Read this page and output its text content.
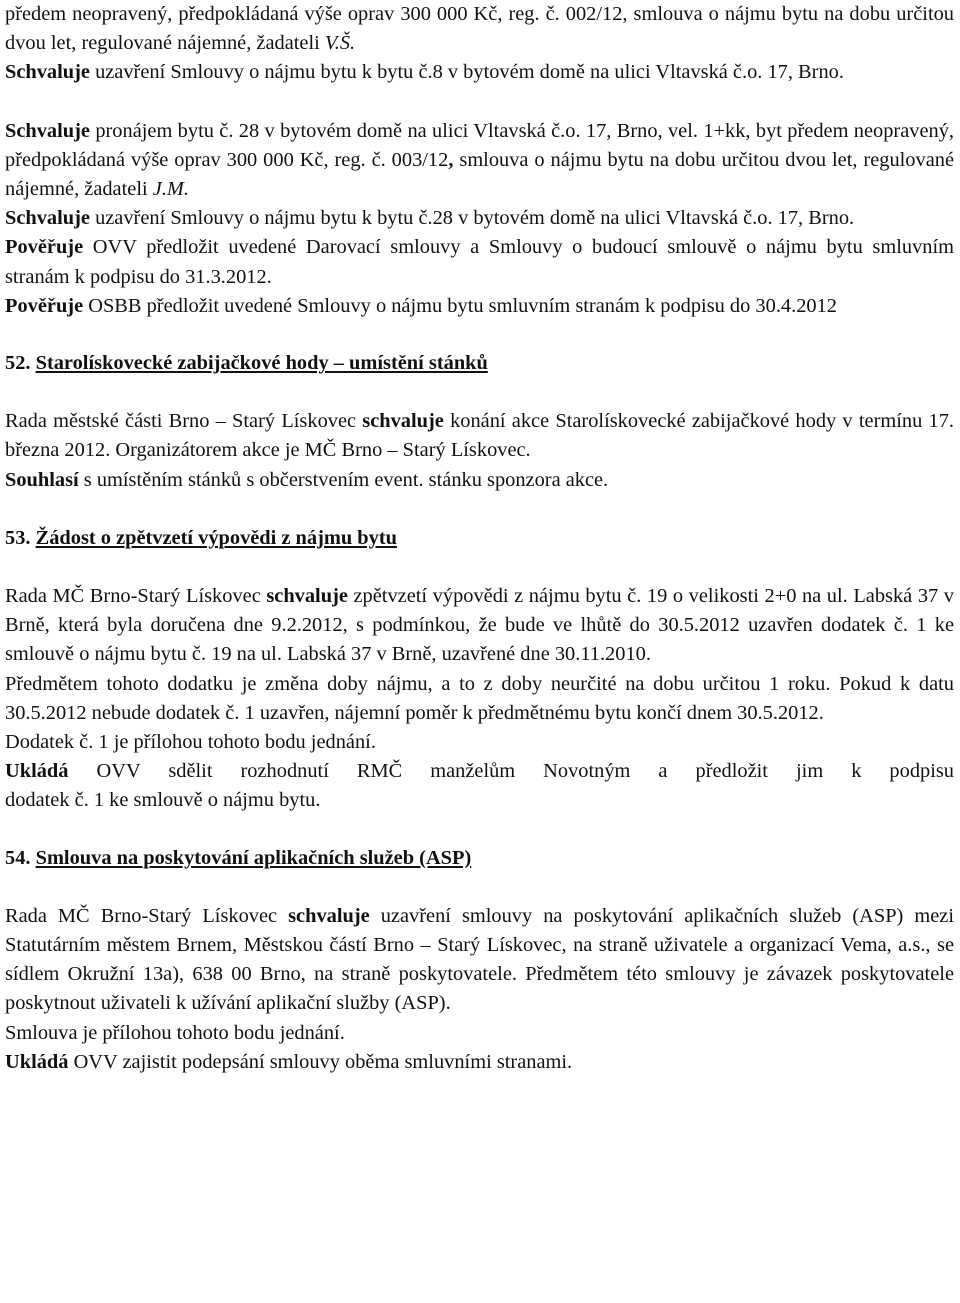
předem neopravený, předpokládaná výše oprav 300 000 Kč, reg. č. 002/12, smlouva o nájmu bytu na dobu určitou dvou let, regulované nájemné, žadateli V.Š.

Schvaluje uzavření Smlouvy o nájmu bytu k bytu č.8 v bytovém domě na ulici Vltavská č.o. 17, Brno.

Schvaluje pronájem bytu č. 28 v bytovém domě na ulici Vltavská č.o. 17, Brno, vel. 1+kk, byt předem neopravený, předpokládaná výše oprav 300 000 Kč, reg. č. 003/12, smlouva o nájmu bytu na dobu určitou dvou let, regulované nájemné, žadateli J.M.

Schvaluje uzavření Smlouvy o nájmu bytu k bytu č.28 v bytovém domě na ulici Vltavská č.o. 17, Brno.

Pověřuje OVV předložit uvedené Darovací smlouvy a Smlouvy o budoucí smlouvě o nájmu bytu smluvním stranám k podpisu do 31.3.2012.

Pověřuje OSBB předložit uvedené Smlouvy o nájmu bytu smluvním stranám k podpisu do 30.4.2012

52. Starolískovecké zabijačkové hody – umístění stánků

Rada městské části Brno – Starý Lískovec schvaluje konání akce Starolískovecké zabijačkové hody v termínu 17. března 2012. Organizátorem akce je MČ Brno – Starý Lískovec.

Souhlasí s umístěním stánků s občerstvením event. stánku sponzora akce.

53. Žádost o zpětvzetí výpovědi z nájmu bytu

Rada MČ Brno-Starý Lískovec schvaluje zpětvzetí výpovědi z nájmu bytu č. 19 o velikosti 2+0 na ul. Labská 37 v Brně, která byla doručena dne 9.2.2012, s podmínkou, že bude ve lhůtě do 30.5.2012 uzavřen dodatek č. 1 ke smlouvě o nájmu bytu č. 19 na ul. Labská 37 v Brně, uzavřené dne 30.11.2010.

Předmětem tohoto dodatku je změna doby nájmu, a to z doby neurčité na dobu určitou 1 roku. Pokud k datu 30.5.2012 nebude dodatek č. 1 uzavřen, nájemní poměr k předmětnému bytu končí dnem 30.5.2012.

Dodatek č. 1 je přílohou tohoto bodu jednání.

Ukládá OVV sdělit rozhodnutí RMČ manželům Novotným a předložit jim k podpisu

dodatek č. 1 ke smlouvě o nájmu bytu.

54. Smlouva na poskytování aplikačních služeb (ASP)

Rada MČ Brno-Starý Lískovec schvaluje uzavření smlouvy na poskytování aplikačních služeb (ASP) mezi Statutárním městem Brnem, Městskou částí Brno – Starý Lískovec, na straně uživatele a organizací Vema, a.s., se sídlem Okružní 13a), 638 00 Brno, na straně poskytovatele. Předmětem této smlouvy je závazek poskytovatele poskytnout uživateli k užívání aplikační služby (ASP).

Smlouva je přílohou tohoto bodu jednání.

Ukládá OVV zajistit podepsání smlouvy oběma smluvními stranami.
